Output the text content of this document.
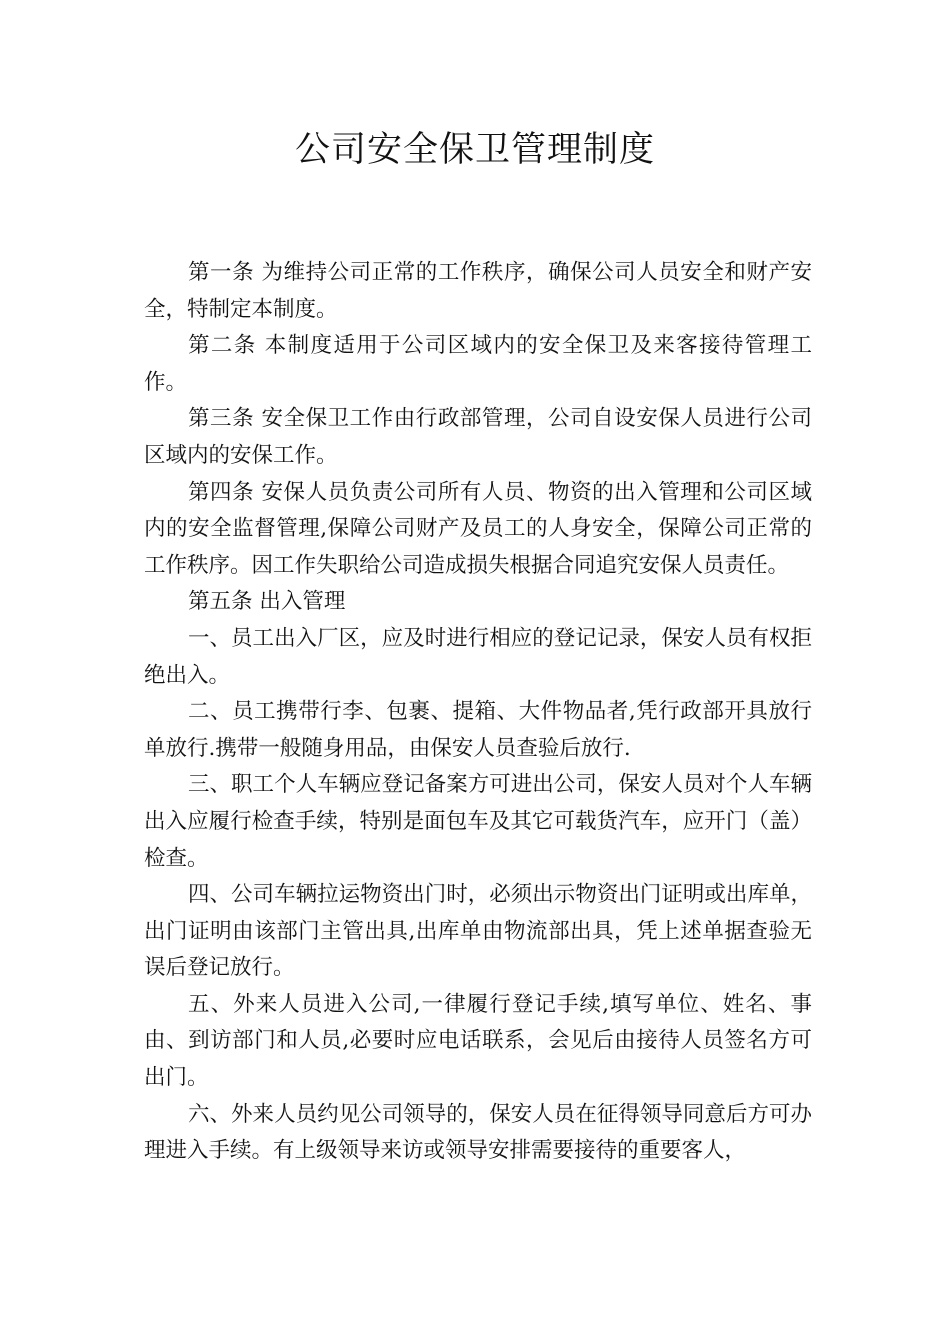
公司安全保卫管理制度

第一条 为维持公司正常的工作秩序，确保公司人员安全和财产安全，特制定本制度。

第二条 本制度适用于公司区域内的安全保卫及来客接待管理工作。

第三条 安全保卫工作由行政部管理，公司自设安保人员进行公司区域内的安保工作。

第四条 安保人员负责公司所有人员、物资的出入管理和公司区域内的安全监督管理,保障公司财产及员工的人身安全，保障公司正常的工作秩序。因工作失职给公司造成损失根据合同追究安保人员责任。

第五条 出入管理

一、员工出入厂区，应及时进行相应的登记记录，保安人员有权拒绝出入。

二、员工携带行李、包裹、提箱、大件物品者,凭行政部开具放行单放行.携带一般随身用品，由保安人员查验后放行.

三、职工个人车辆应登记备案方可进出公司，保安人员对个人车辆出入应履行检查手续，特别是面包车及其它可载货汽车，应开门（盖）检查。

四、公司车辆拉运物资出门时，必须出示物资出门证明或出库单，出门证明由该部门主管出具,出库单由物流部出具，凭上述单据查验无误后登记放行。

五、外来人员进入公司,一律履行登记手续,填写单位、姓名、事由、到访部门和人员,必要时应电话联系，会见后由接待人员签名方可出门。

六、外来人员约见公司领导的，保安人员在征得领导同意后方可办理进入手续。有上级领导来访或领导安排需要接待的重要客人，
